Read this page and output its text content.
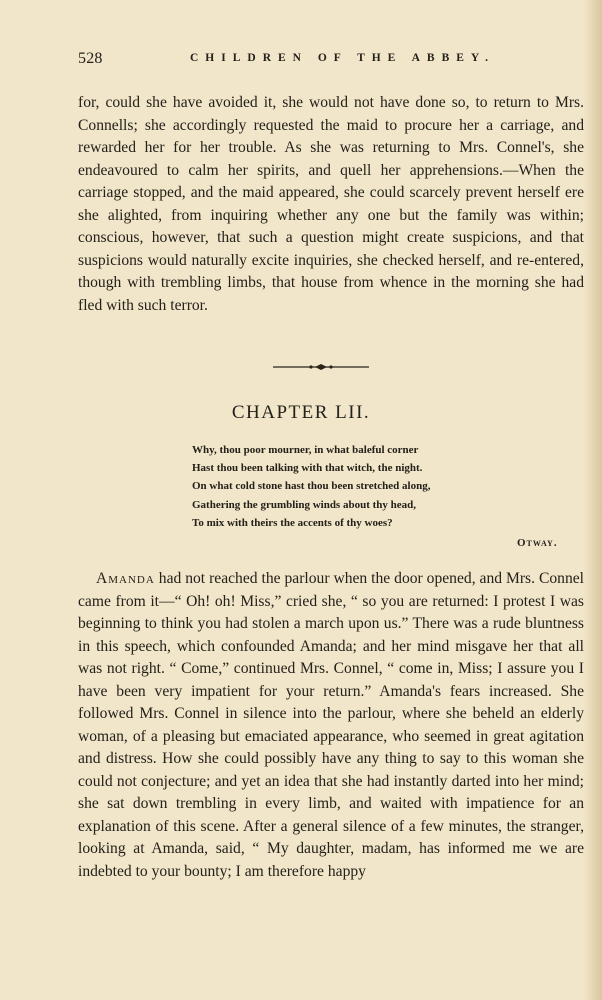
528	CHILDREN OF THE ABBEY.

for, could she have avoided it, she would not have done so, to return to Mrs. Connells; she accordingly requested the maid to procure her a carriage, and rewarded her for her trouble. As she was returning to Mrs. Connel's, she endeavoured to calm her spirits, and quell her apprehensions.—When the carriage stopped, and the maid appeared, she could scarcely prevent herself ere she alighted, from inquiring whether any one but the family was within; conscious, however, that such a question might create suspicions, and that suspicions would naturally excite inquiries, she checked herself, and re-entered, though with trembling limbs, that house from whence in the morning she had fled with such terror.

CHAPTER LII.
Why, thou poor mourner, in what baleful corner
Hast thou been talking with that witch, the night.
On what cold stone hast thou been stretched along,
Gathering the grumbling winds about thy head,
To mix with theirs the accents of thy woes?
Otway.

Amanda had not reached the parlour when the door opened, and Mrs. Connel came from it—“ Oh! oh! Miss,” cried she, “ so you are returned: I protest I was beginning to think you had stolen a march upon us.” There was a rude bluntness in this speech, which confounded Amanda; and her mind misgave her that all was not right. “ Come,” continued Mrs. Connel, “ come in, Miss; I assure you I have been very impatient for your return.” Amanda's fears increased. She followed Mrs. Connel in silence into the parlour, where she beheld an elderly woman, of a pleasing but emaciated appearance, who seemed in great agitation and distress. How she could possibly have any thing to say to this woman she could not conjecture; and yet an idea that she had instantly darted into her mind; she sat down trembling in every limb, and waited with impatience for an explanation of this scene. After a general silence of a few minutes, the stranger, looking at Amanda, said, “ My daughter, madam, has informed me we are indebted to your bounty; I am therefore happy
